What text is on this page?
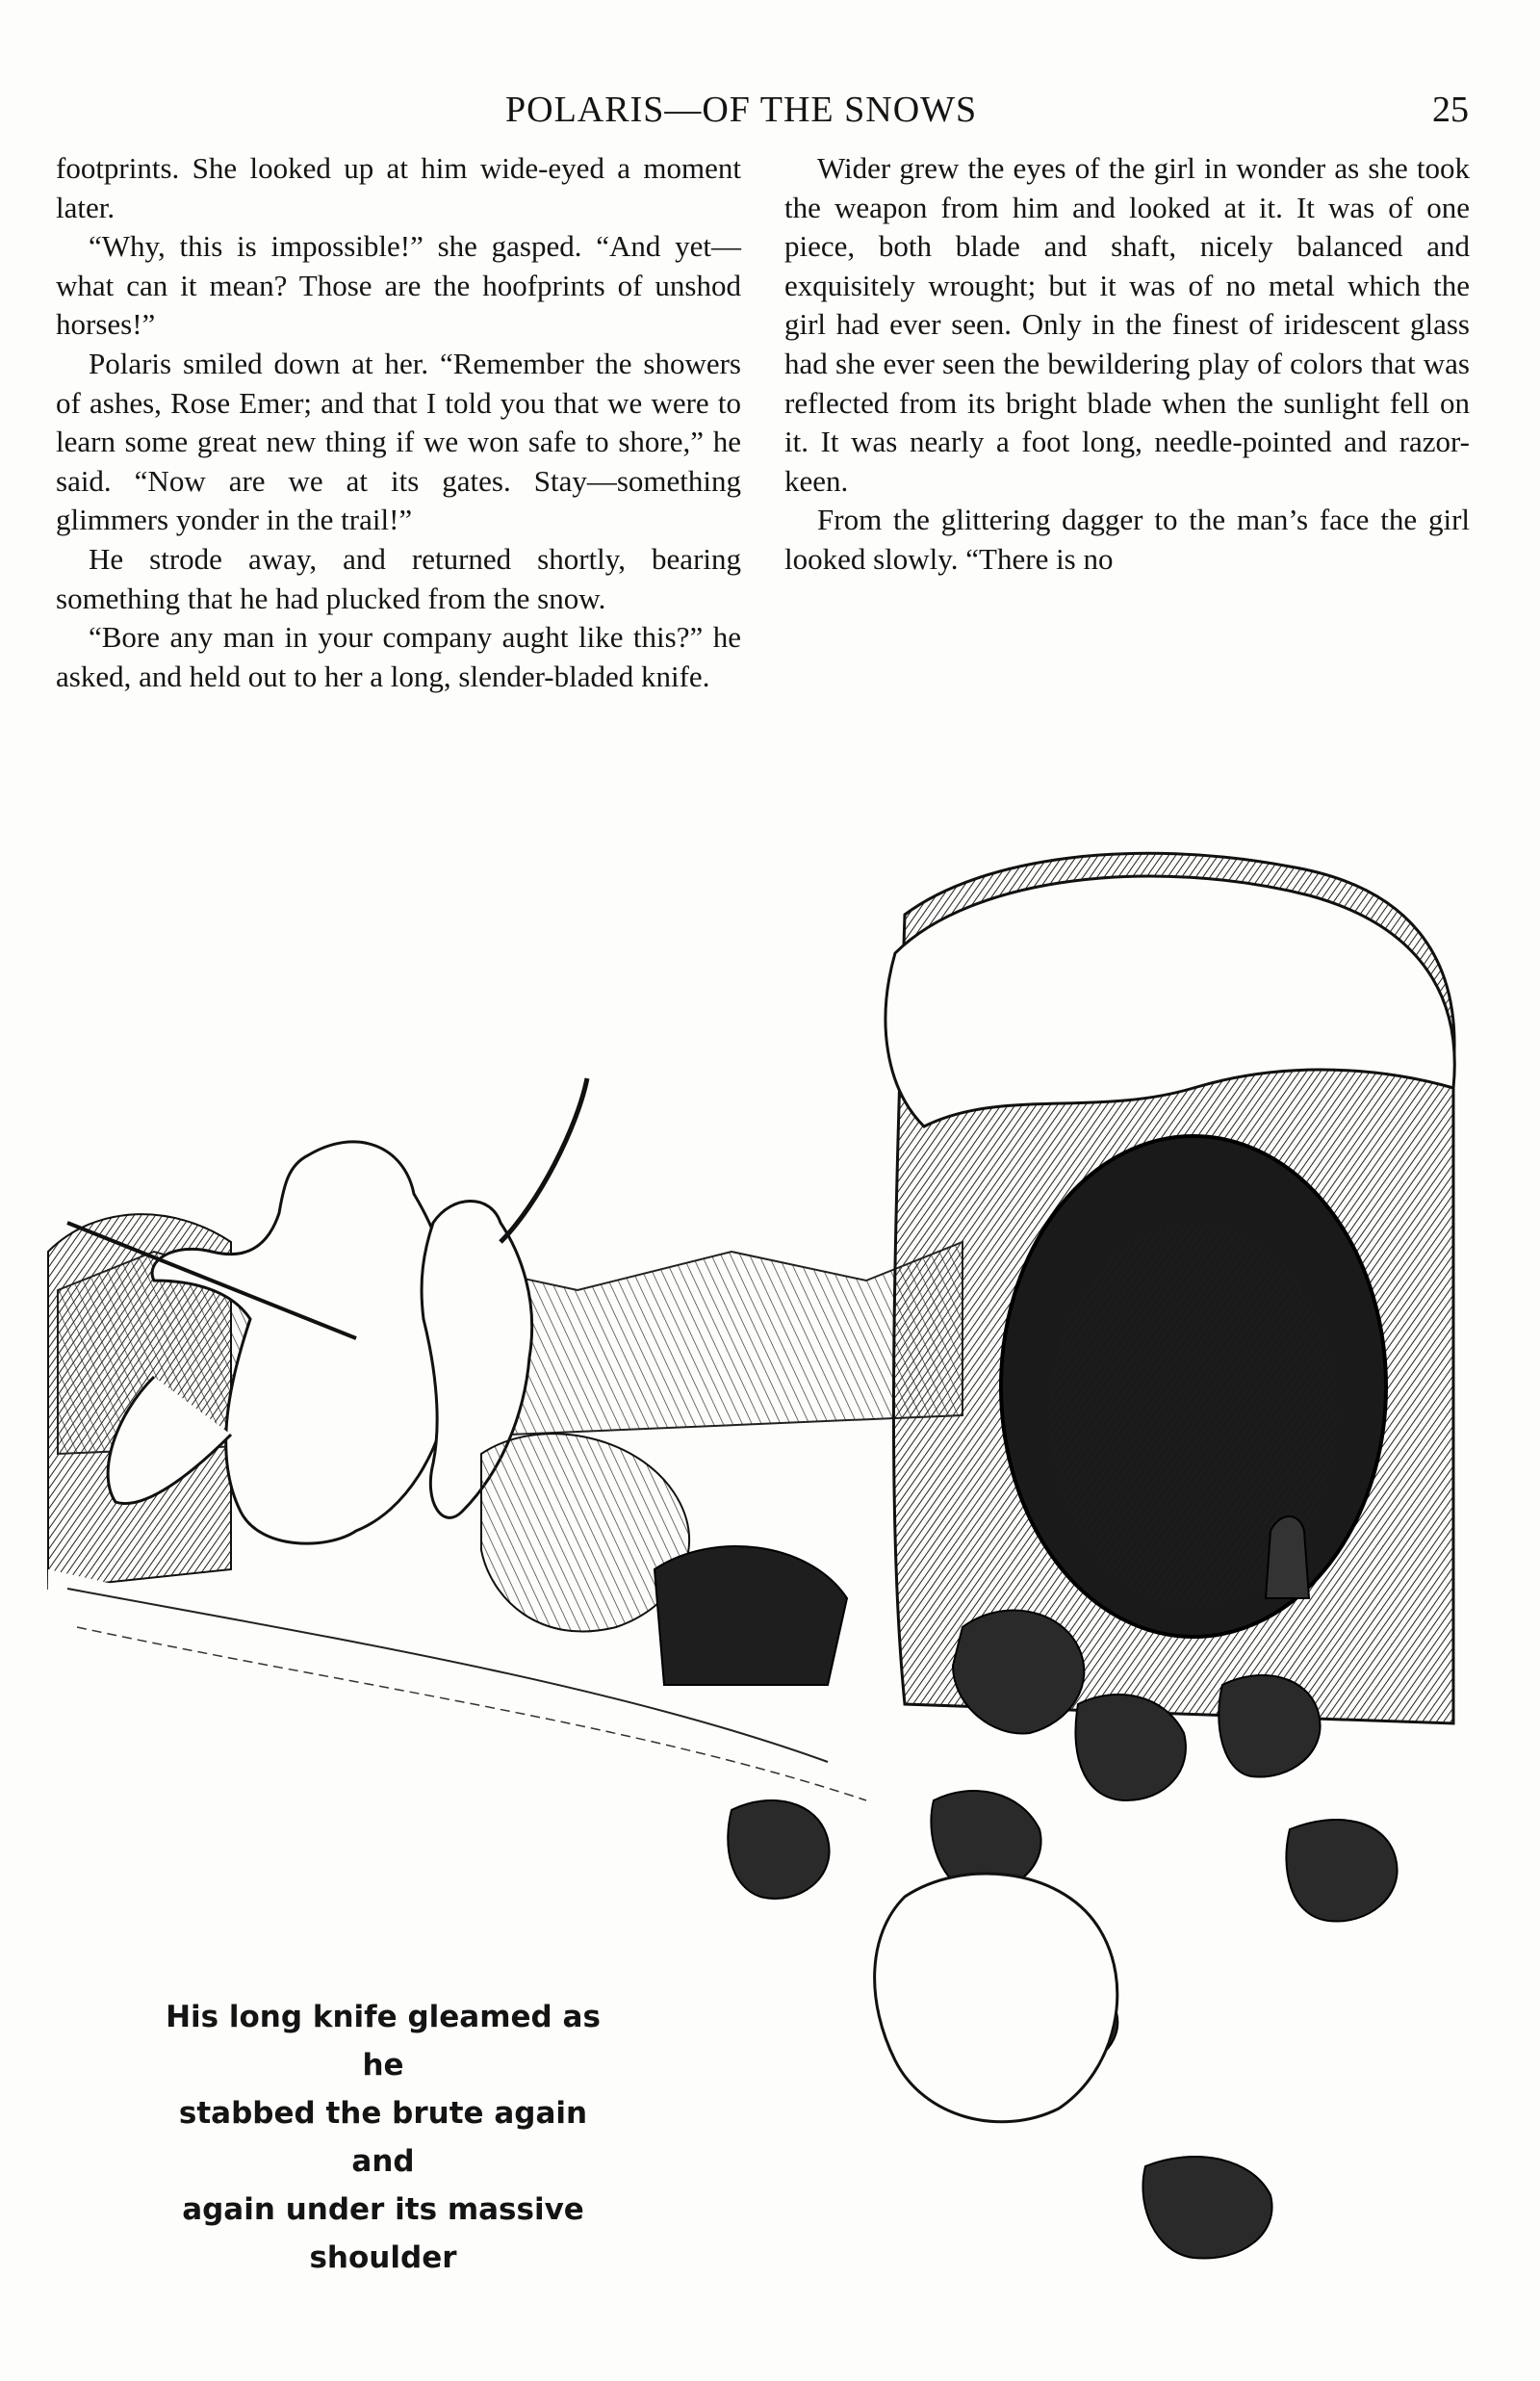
POLARIS—OF THE SNOWS	25

footprints. She looked up at him wide-eyed a moment later.

“Why, this is impossible!” she gasped. “And yet—what can it mean? Those are the hoofprints of unshod horses!”

Polaris smiled down at her. “Remember the showers of ashes, Rose Emer; and that I told you that we were to learn some great new thing if we won safe to shore,” he said. “Now are we at its gates. Stay—something glimmers yonder in the trail!”

He strode away, and returned shortly, bearing something that he had plucked from the snow.

“Bore any man in your company aught like this?” he asked, and held out to her a long, slender-bladed knife.

Wider grew the eyes of the girl in wonder as she took the weapon from him and looked at it. It was of one piece, both blade and shaft, nicely balanced and exquisitely wrought; but it was of no metal which the girl had ever seen. Only in the finest of iridescent glass had she ever seen the bewildering play of colors that was reflected from its bright blade when the sunlight fell on it. It was nearly a foot long, needle-pointed and razor-keen.

From the glittering dagger to the man’s face the girl looked slowly. “There is no

His long knife gleamed as he
stabbed the brute again and
again under its massive
shoulder
